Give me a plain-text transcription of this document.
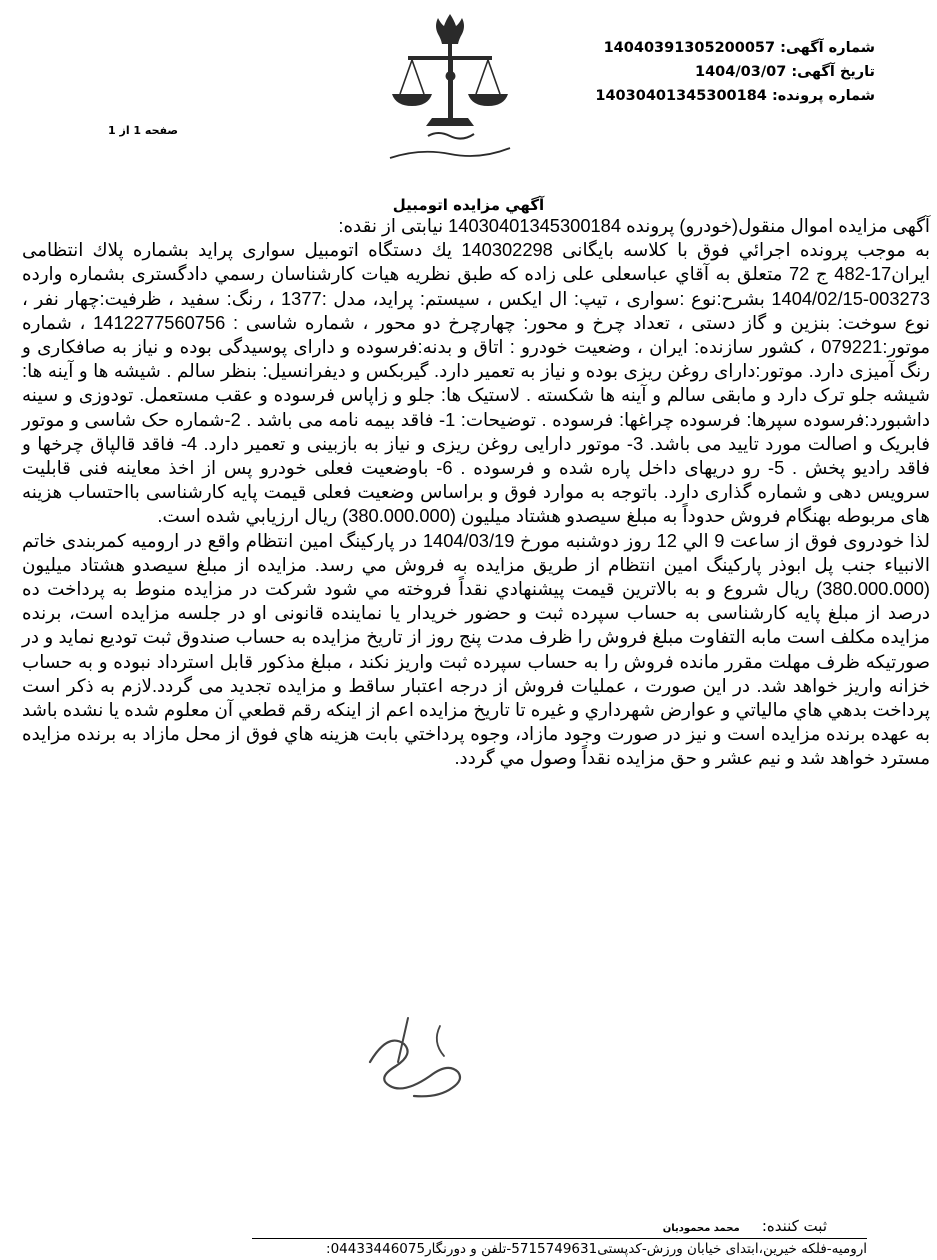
شماره آگهی: 14040391305200057
تاریخ آگهی: 1404/03/07
شماره پرونده: 14030401345300184
صفحه 1 از 1
آگهي مزايده اتومبيل

آگهی مزایده اموال منقول(خودرو) پرونده 14030401345300184 نیابتی از نقده:

به موجب پرونده اجرائي فوق با کلاسه بایگانی 140302298 يك دستگاه اتومبيل سواری پراید بشماره پلاك انتظامی ایران17-482 ج 72 متعلق به آقاي عباسعلی علی زاده که طبق نظريه هيات كارشناسان رسمي دادگستری بشماره وارده 003273-1404/02/15 بشرح:نوع :سواری ، تیپ: ال ایکس ، سیستم: پراید، مدل :1377 ، رنگ: سفید ، ظرفیت:چهار نفر ، نوع سوخت: بنزین و گاز دستی ، تعداد چرخ و محور: چهارچرخ دو محور ، شماره شاسی : 1412277560756 ، شماره موتور:079221 ، کشور سازنده: ایران ، وضعیت خودرو : اتاق و بدنه:فرسوده و دارای پوسیدگی بوده و نیاز به صافکاری و رنگ آمیزی دارد. موتور:دارای روغن ریزی بوده و نیاز به تعمیر دارد. گیربکس و دیفرانسیل: بنظر سالم . شیشه ها و آینه ها: شیشه جلو ترک دارد و مابقی سالم و آینه ها شکسته . لاستیک ها: جلو و زاپاس فرسوده و عقب مستعمل. تودوزی و سینه داشبورد:فرسوده سپرها: فرسوده چراغها: فرسوده . توضیحات: 1- فاقد بیمه نامه می باشد . 2-شماره حک شاسی و موتور فابریک و اصالت مورد تایید می باشد. 3- موتور دارایی روغن ریزی و نیاز به بازبینی و تعمیر دارد. 4- فاقد قالپاق چرخها و فاقد رادیو پخش . 5- رو دریهای داخل پاره شده و فرسوده . 6- باوضعیت فعلی خودرو پس از اخذ معاینه فنی قابلیت سرویس دهی و شماره گذاری دارد. باتوجه به موارد فوق و براساس وضعیت فعلی قیمت پایه کارشناسی بااحتساب هزینه های مربوطه بهنگام فروش حدوداً به مبلغ سیصدو هشتاد میلیون (380.000.000) ريال ارزيابي شده است.

لذا خودروی فوق از ساعت 9 الي 12 روز دوشنبه مورخ 1404/03/19 در پارکینگ امین انتظام واقع در ارومیه کمربندی خاتم الانبیاء جنب پل ابوذر پارکینگ امین انتظام از طريق مزايده به فروش مي رسد. مزايده از مبلغ سیصدو هشتاد میلیون (380.000.000) ريال شروع و به بالاترين قيمت پيشنهادي نقداً فروخته مي شود شرکت در مزایده منوط به پرداخت ده درصد از مبلغ پایه کارشناسی به حساب سپرده ثبت و حضور خریدار یا نماینده قانونی او در جلسه مزایده است، برنده مزایده مکلف است مابه التفاوت مبلغ فروش را ظرف مدت پنج روز از تاریخ مزایده به حساب صندوق ثبت تودیع نماید و در صورتیکه ظرف مهلت مقرر مانده فروش را به حساب سپرده ثبت واریز نکند ، مبلغ مذکور قابل استرداد نبوده و به حساب خزانه واریز خواهد شد. در این صورت ، عملیات فروش از درجه اعتبار ساقط و مزایده تجدید می گردد.لازم به ذكر است پرداخت بدهي هاي مالياتي و عوارض شهرداري و غيره تا تاريخ مزايده اعم از اينكه رقم قطعي آن معلوم شده يا نشده باشد به عهده برنده مزايده است و نيز در صورت وجود مازاد، وجوه پرداختي بابت هزينه هاي فوق از محل مازاد به برنده مزايده مسترد خواهد شد و نيم عشر و حق مزايده نقداً وصول مي گردد.

ثبت کننده: محمد محمودیان
ارومیه-فلکه خیرین،ابتدای خیابان ورزش-کدپستی5715749631-تلفن و دورنگار04433446075:
